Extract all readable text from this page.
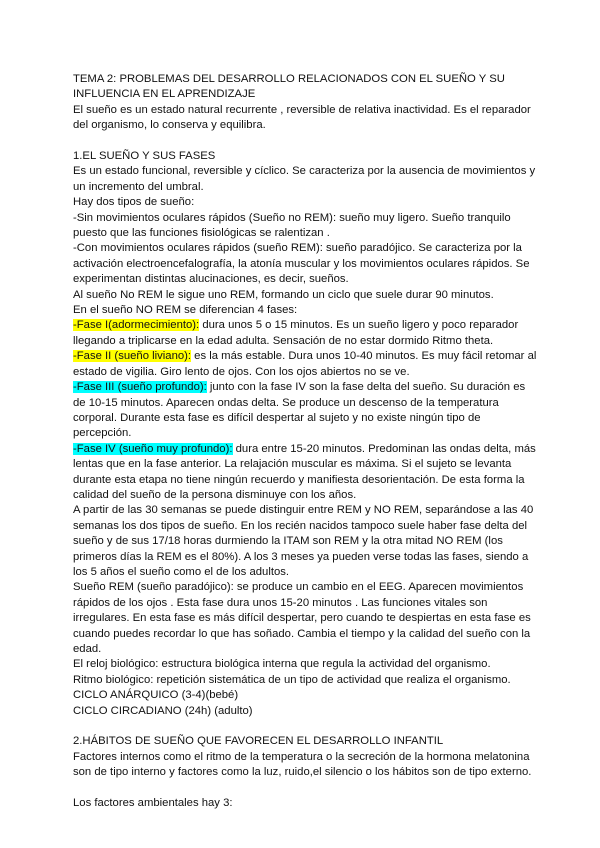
TEMA 2: PROBLEMAS DEL DESARROLLO RELACIONADOS CON EL SUEÑO Y SU INFLUENCIA EN EL APRENDIZAJE

El sueño es un estado natural recurrente , reversible de relativa inactividad. Es el reparador del organismo, lo conserva y equilibra.

1.EL SUEÑO Y SUS FASES

Es un estado funcional, reversible y cíclico. Se caracteriza por la ausencia de movimientos y un incremento del umbral.

Hay dos tipos de sueño:

-Sin movimientos oculares rápidos (Sueño no REM): sueño muy ligero. Sueño tranquilo puesto que las funciones fisiológicas se ralentizan .

-Con movimientos oculares rápidos (sueño REM): sueño paradójico. Se caracteriza por la activación electroencefalografía, la atonía muscular y los movimientos oculares rápidos. Se experimentan distintas alucinaciones, es decir, sueños.

Al sueño No REM le sigue uno REM, formando un ciclo que suele durar 90 minutos.

En el sueño NO REM se diferencian 4 fases:

-Fase I(adormecimiento): dura unos 5 o 15 minutos. Es un sueño ligero y poco reparador llegando a triplicarse en la edad adulta. Sensación de no estar dormido Ritmo theta.

-Fase II (sueño liviano): es la más estable. Dura unos 10-40 minutos. Es muy fácil retomar al estado de vigilia. Giro lento de ojos. Con los ojos abiertos no se ve.

-Fase III (sueño profundo): junto con la fase IV son la fase delta del sueño. Su duración es de 10-15 minutos. Aparecen ondas delta. Se produce un descenso de la temperatura corporal. Durante esta fase es difícil despertar al sujeto y no existe ningún tipo de percepción.

-Fase IV (sueño muy profundo): dura entre 15-20 minutos. Predominan las ondas delta, más lentas que en la fase anterior. La relajación muscular es máxima. Si el sujeto se levanta durante esta etapa no tiene ningún recuerdo y manifiesta desorientación. De esta forma la calidad del sueño de la persona disminuye con los años.

A partir de las 30 semanas se puede distinguir entre REM y NO REM, separándose a las 40 semanas los dos tipos de sueño. En los recién nacidos tampoco suele haber fase delta del sueño y de sus 17/18 horas durmiendo la ITAM son REM y la otra mitad NO REM (los primeros días la REM es el 80%). A los 3 meses ya pueden verse todas las fases, siendo a los 5 años el sueño como el de los adultos.

Sueño REM (sueño paradójico): se produce un cambio en el EEG. Aparecen movimientos rápidos de los ojos . Esta fase dura unos 15-20 minutos . Las funciones vitales son irregulares. En esta fase es más difícil despertar, pero cuando te despiertas en esta fase es cuando puedes recordar lo que has soñado. Cambia el tiempo y la calidad del sueño con la edad.

El reloj biológico: estructura biológica interna que regula la actividad del organismo.

Ritmo biológico: repetición sistemática de un tipo de actividad que realiza el organismo.

CICLO ANÁRQUICO (3-4)(bebé)

CICLO CIRCADIANO (24h) (adulto)

2.HÁBITOS DE SUEÑO QUE FAVORECEN EL DESARROLLO INFANTIL

Factores internos como el ritmo de la temperatura o la secreción de la hormona melatonina son de tipo interno y factores como la luz, ruido,el silencio o los hábitos son de tipo externo.

Los factores ambientales hay 3:
